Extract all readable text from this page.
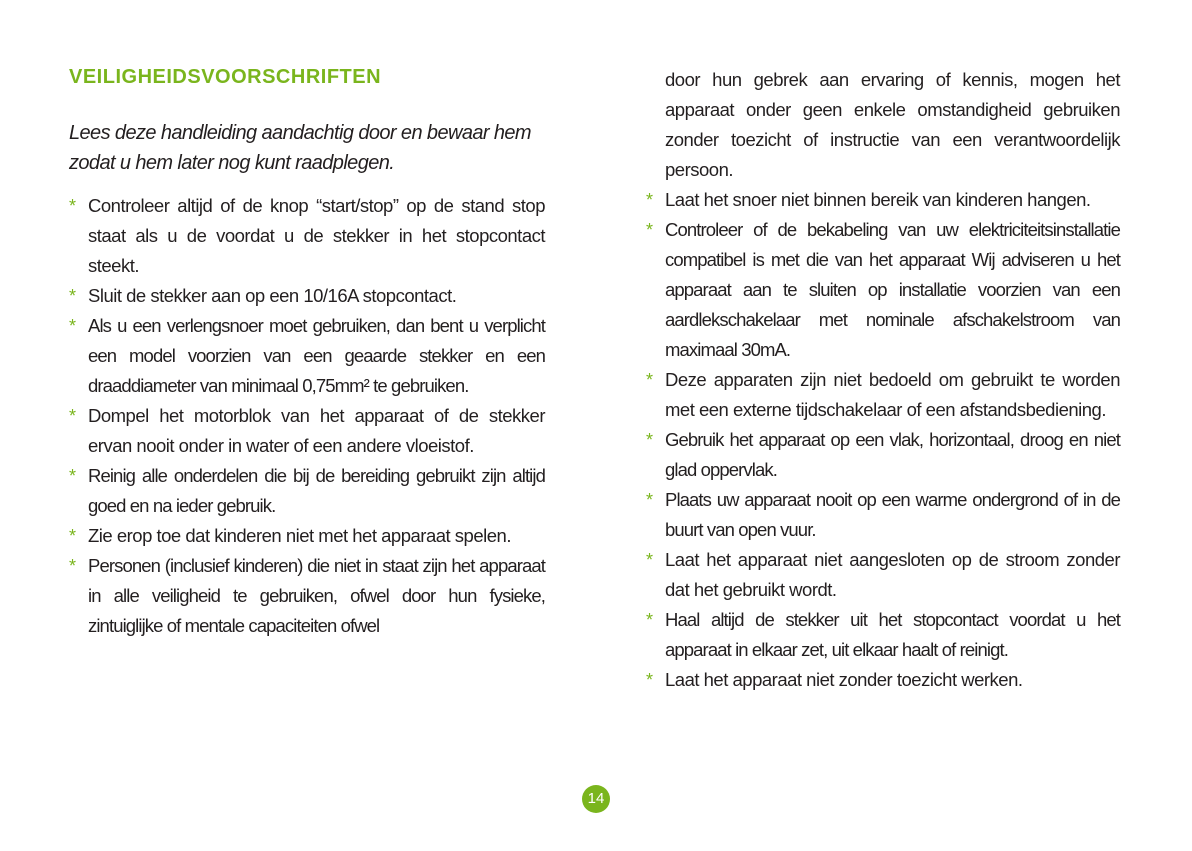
VEILIGHEIDSVOORSCHRIFTEN
Lees deze handleiding aandachtig door en bewaar hem zodat u hem later nog kunt raadplegen.
* Controleer altijd of de knop “start/stop” op de stand stop staat als u de voordat u de stekker in het stopcontact steekt.
* Sluit de stekker aan op een 10/16A stopcontact.
* Als u een verlengsnoer moet gebruiken, dan bent u verplicht een model voorzien van een geaarde stekker en een draaddiameter van minimaal 0,75mm² te gebruiken.
* Dompel het motorblok van het apparaat of de stekker ervan nooit onder in water of een andere vloeistof.
* Reinig alle onderdelen die bij de bereiding gebruikt zijn altijd goed en na ieder gebruik.
* Zie erop toe dat kinderen niet met het apparaat spelen.
* Personen (inclusief kinderen) die niet in staat zijn het apparaat in alle veiligheid te gebruiken, ofwel door hun fysieke, zintuiglijke of mentale capaciteiten ofwel
door hun gebrek aan ervaring of kennis, mogen het apparaat onder geen enkele omstandigheid gebruiken zonder toezicht of instructie van een verantwoordelijk persoon.
* Laat het snoer niet binnen bereik van kinderen hangen.
* Controleer of de bekabeling van uw elektriciteitsinstallatie compatibel is met die van het apparaat Wij adviseren u het apparaat aan te sluiten op installatie voorzien van een aardlekschakelaar met nominale afschakelstroom van maximaal 30mA.
* Deze apparaten zijn niet bedoeld om gebruikt te worden met een externe tijdschakelaar of een afstandsbediening.
* Gebruik het apparaat op een vlak, horizontaal, droog en niet glad oppervlak.
* Plaats uw apparaat nooit op een warme ondergrond of in de buurt van open vuur.
* Laat het apparaat niet aangesloten op de stroom zonder dat het gebruikt wordt.
* Haal altijd de stekker uit het stopcontact voordat u het apparaat in elkaar zet, uit elkaar haalt of reinigt.
* Laat het apparaat niet zonder toezicht werken.
14
